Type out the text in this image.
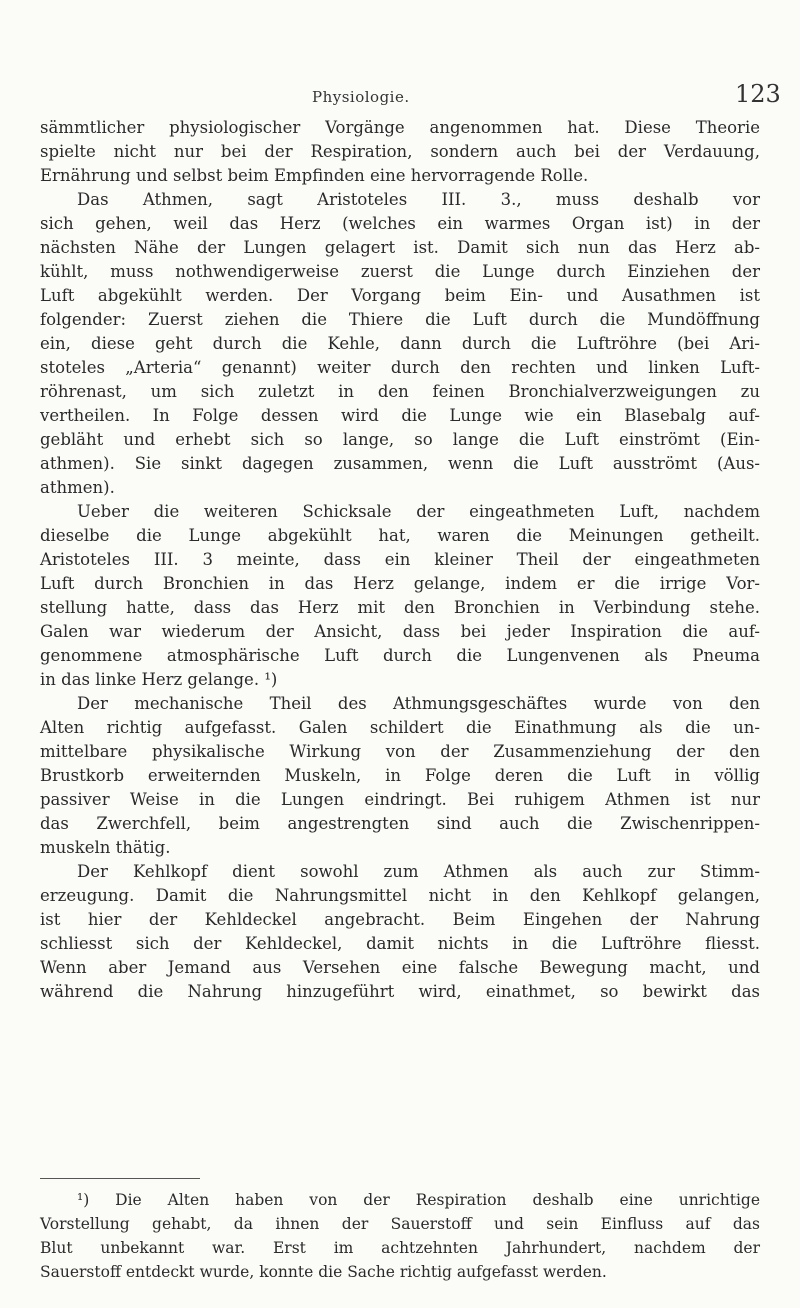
Physiologie.	123
sämmtlicher physiologischer Vorgänge angenommen hat. Diese Theorie
spielte nicht nur bei der Respiration, sondern auch bei der Verdauung,
Ernährung und selbst beim Empfinden eine hervorragende Rolle.
Das Athmen, sagt Aristoteles III. 3., muss deshalb vor
sich gehen, weil das Herz (welches ein warmes Organ ist) in der
nächsten Nähe der Lungen gelagert ist. Damit sich nun das Herz ab-
kühlt, muss nothwendigerweise zuerst die Lunge durch Einziehen der
Luft abgekühlt werden. Der Vorgang beim Ein- und Ausathmen ist
folgender: Zuerst ziehen die Thiere die Luft durch die Mundöffnung
ein, diese geht durch die Kehle, dann durch die Luftröhre (bei Ari-
stoteles „Arteria“ genannt) weiter durch den rechten und linken Luft-
röhrenast, um sich zuletzt in den feinen Bronchialverzweigungen zu
vertheilen. In Folge dessen wird die Lunge wie ein Blasebalg auf-
gebläht und erhebt sich so lange, so lange die Luft einströmt (Ein-
athmen). Sie sinkt dagegen zusammen, wenn die Luft ausströmt (Aus-
athmen).
Ueber die weiteren Schicksale der eingeathmeten Luft, nachdem
dieselbe die Lunge abgekühlt hat, waren die Meinungen getheilt.
Aristoteles III. 3 meinte, dass ein kleiner Theil der eingeathmeten
Luft durch Bronchien in das Herz gelange, indem er die irrige Vor-
stellung hatte, dass das Herz mit den Bronchien in Verbindung stehe.
Galen war wiederum der Ansicht, dass bei jeder Inspiration die auf-
genommene atmosphärische Luft durch die Lungenvenen als Pneuma
in das linke Herz gelange. ¹)
Der mechanische Theil des Athmungsgeschäftes wurde von den
Alten richtig aufgefasst. Galen schildert die Einathmung als die un-
mittelbare physikalische Wirkung von der Zusammenziehung der den
Brustkorb erweiternden Muskeln, in Folge deren die Luft in völlig
passiver Weise in die Lungen eindringt. Bei ruhigem Athmen ist nur
das Zwerchfell, beim angestrengten sind auch die Zwischenrippen-
muskeln thätig.
Der Kehlkopf dient sowohl zum Athmen als auch zur Stimm-
erzeugung. Damit die Nahrungsmittel nicht in den Kehlkopf gelangen,
ist hier der Kehldeckel angebracht. Beim Eingehen der Nahrung
schliesst sich der Kehldeckel, damit nichts in die Luftröhre fliesst.
Wenn aber Jemand aus Versehen eine falsche Bewegung macht, und
während die Nahrung hinzugeführt wird, einathmet, so bewirkt das
¹) Die Alten haben von der Respiration deshalb eine unrichtige
Vorstellung gehabt, da ihnen der Sauerstoff und sein Einfluss auf das
Blut unbekannt war. Erst im achtzehnten Jahrhundert, nachdem der
Sauerstoff entdeckt wurde, konnte die Sache richtig aufgefasst werden.
